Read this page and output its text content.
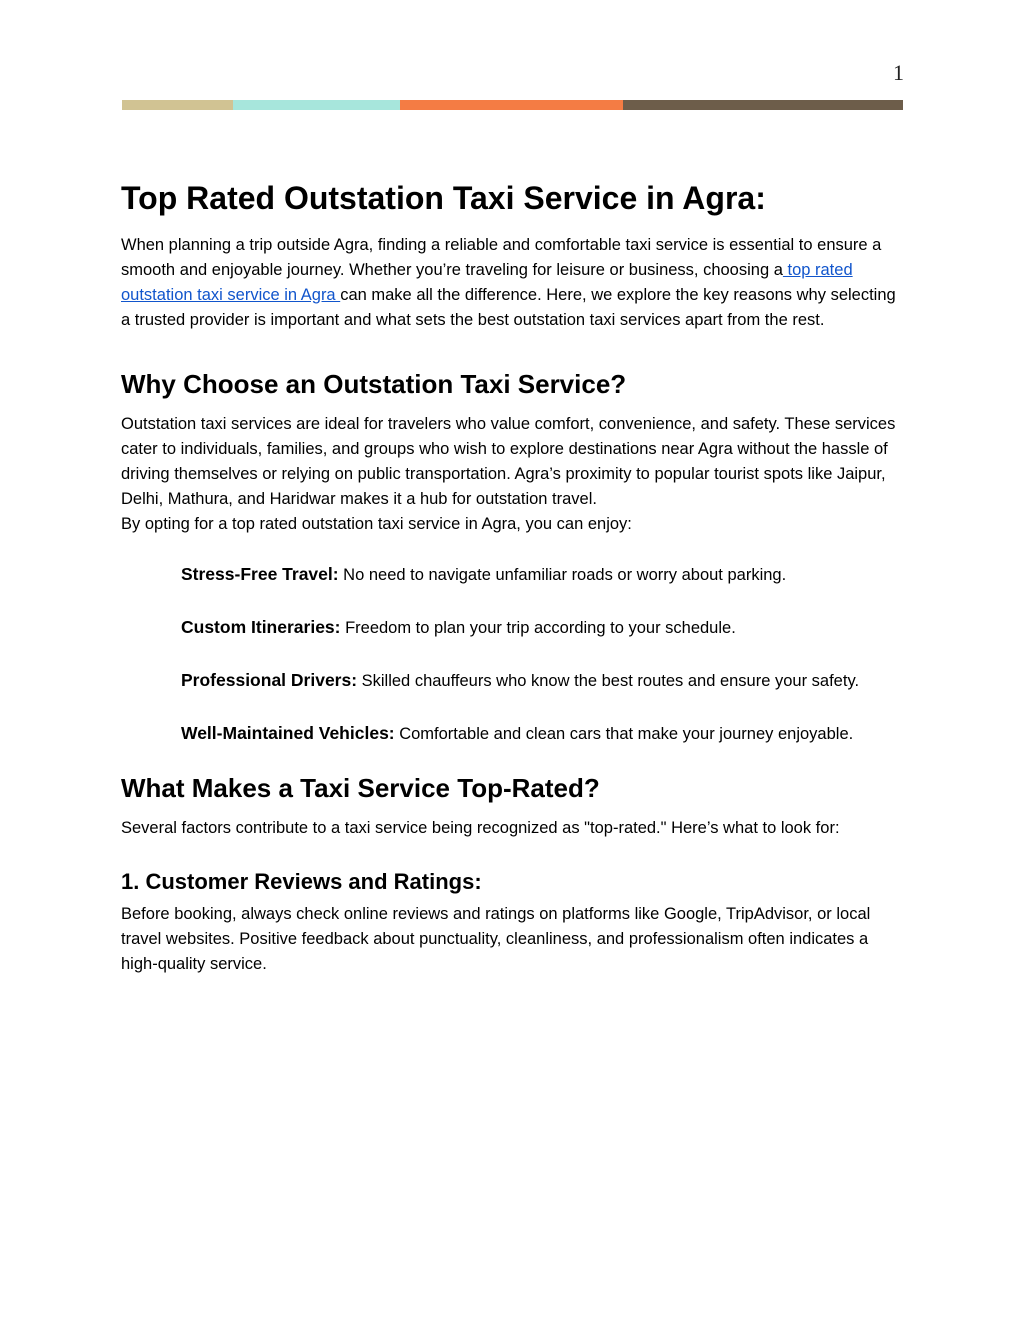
1
Top Rated Outstation Taxi Service in Agra:

When planning a trip outside Agra, finding a reliable and comfortable taxi service is essential to ensure a smooth and enjoyable journey. Whether you’re traveling for leisure or business, choosing a top rated outstation taxi service in Agra can make all the difference. Here, we explore the key reasons why selecting a trusted provider is important and what sets the best outstation taxi services apart from the rest.

Why Choose an Outstation Taxi Service?

Outstation taxi services are ideal for travelers who value comfort, convenience, and safety. These services cater to individuals, families, and groups who wish to explore destinations near Agra without the hassle of driving themselves or relying on public transportation. Agra’s proximity to popular tourist spots like Jaipur, Delhi, Mathura, and Haridwar makes it a hub for outstation travel.

By opting for a top rated outstation taxi service in Agra, you can enjoy:

Stress-Free Travel: No need to navigate unfamiliar roads or worry about parking.
Custom Itineraries: Freedom to plan your trip according to your schedule.
Professional Drivers: Skilled chauffeurs who know the best routes and ensure your safety.
Well-Maintained Vehicles: Comfortable and clean cars that make your journey enjoyable.
What Makes a Taxi Service Top-Rated?

Several factors contribute to a taxi service being recognized as "top-rated." Here’s what to look for:

1. Customer Reviews and Ratings:

Before booking, always check online reviews and ratings on platforms like Google, TripAdvisor, or local travel websites. Positive feedback about punctuality, cleanliness, and professionalism often indicates a high-quality service.
